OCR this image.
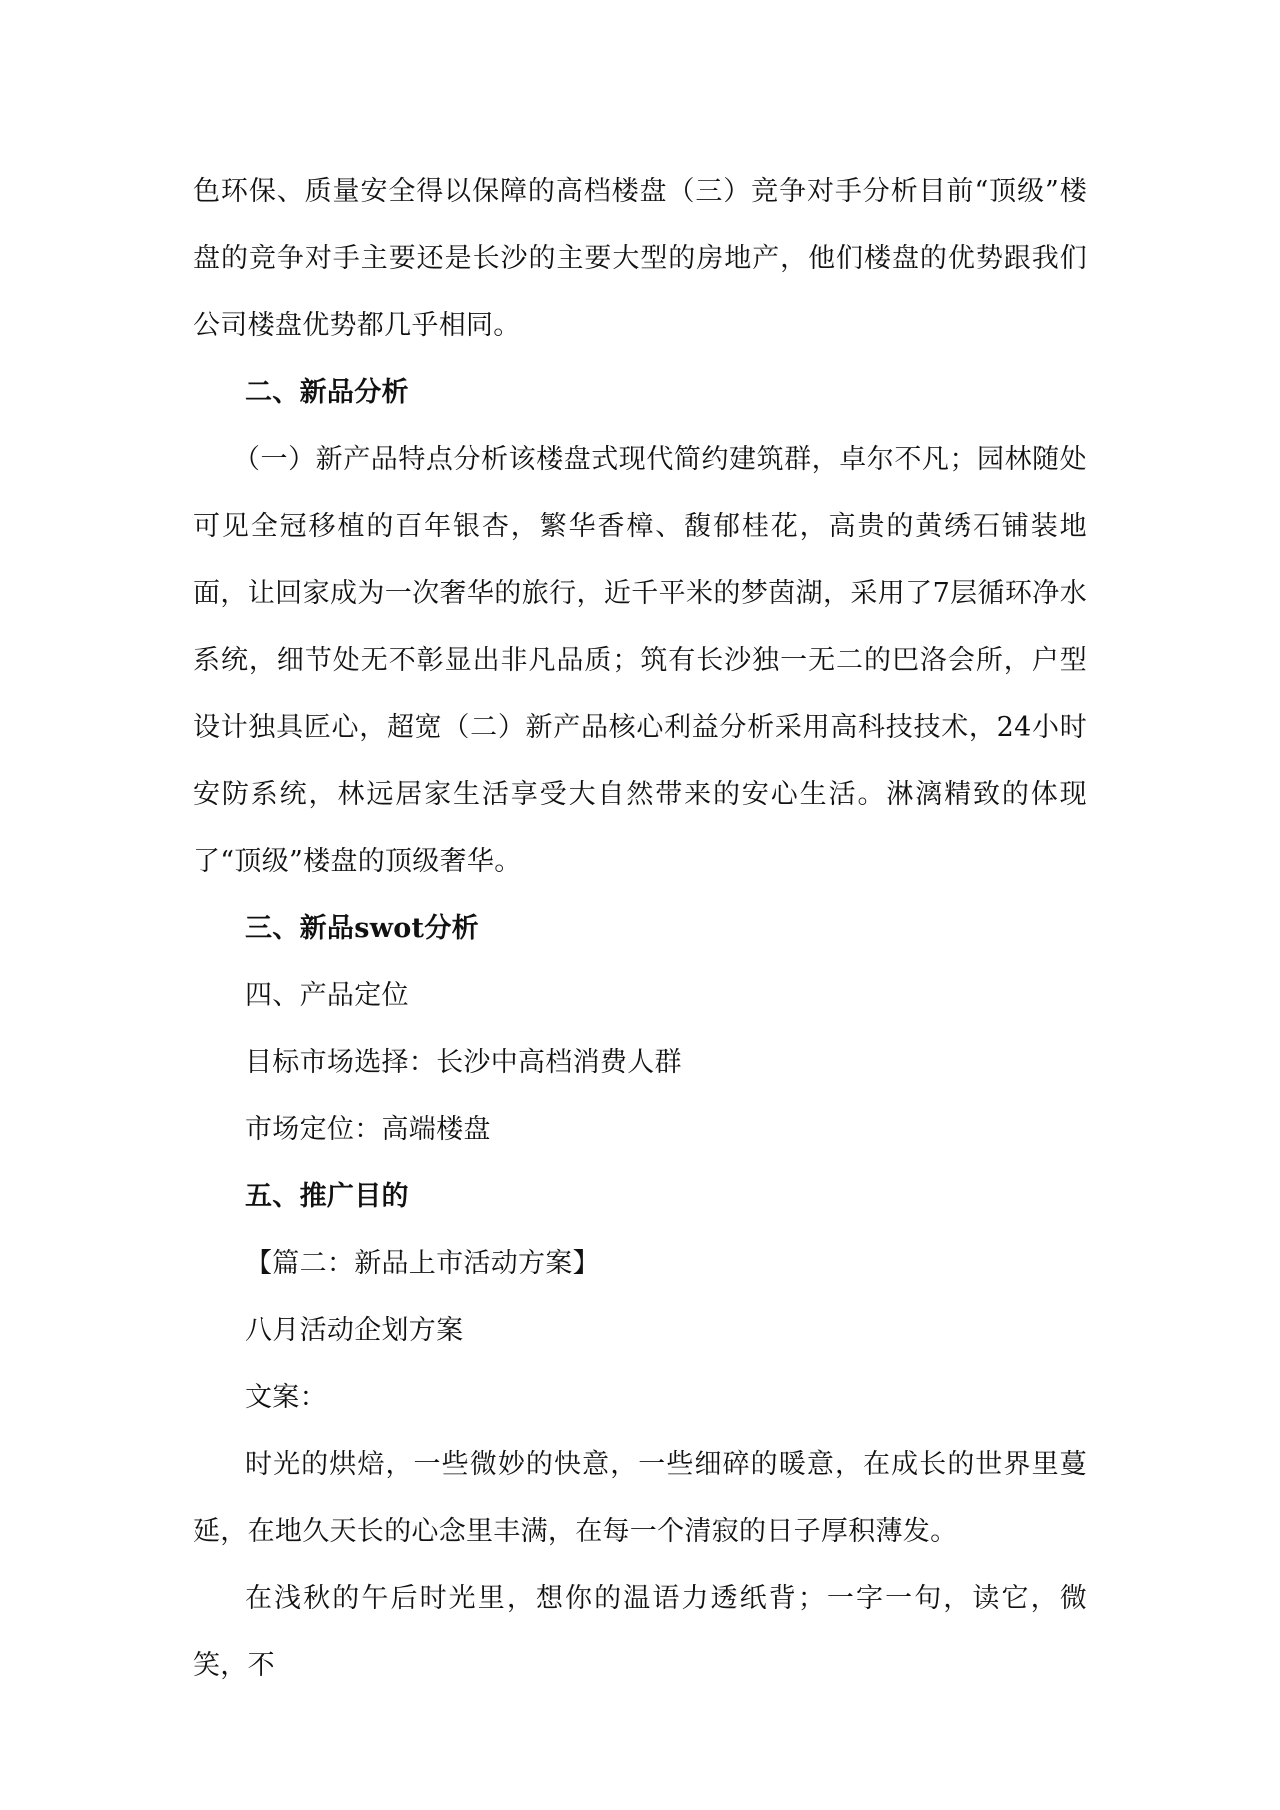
色环保、质量安全得以保障的高档楼盘（三）竞争对手分析目前“顶级”楼盘的竞争对手主要还是长沙的主要大型的房地产，他们楼盘的优势跟我们公司楼盘优势都几乎相同。

二、新品分析

（一）新产品特点分析该楼盘式现代简约建筑群，卓尔不凡；园林随处可见全冠移植的百年银杏，繁华香樟、馥郁桂花，高贵的黄绣石铺装地面，让回家成为一次奢华的旅行，近千平米的梦茵湖，采用了7层循环净水系统，细节处无不彰显出非凡品质；筑有长沙独一无二的巴洛会所，户型设计独具匠心，超宽（二）新产品核心利益分析采用高科技技术，24小时安防系统，林远居家生活享受大自然带来的安心生活。淋漓精致的体现了“顶级”楼盘的顶级奢华。

三、新品swot分析

四、产品定位

目标市场选择：长沙中高档消费人群

市场定位：高端楼盘

五、推广目的

【篇二：新品上市活动方案】

八月活动企划方案

文案：

时光的烘焙，一些微妙的快意，一些细碎的暖意，在成长的世界里蔓延，在地久天长的心念里丰满，在每一个清寂的日子厚积薄发。

在浅秋的午后时光里，想你的温语力透纸背；一字一句，读它，微笑，不
